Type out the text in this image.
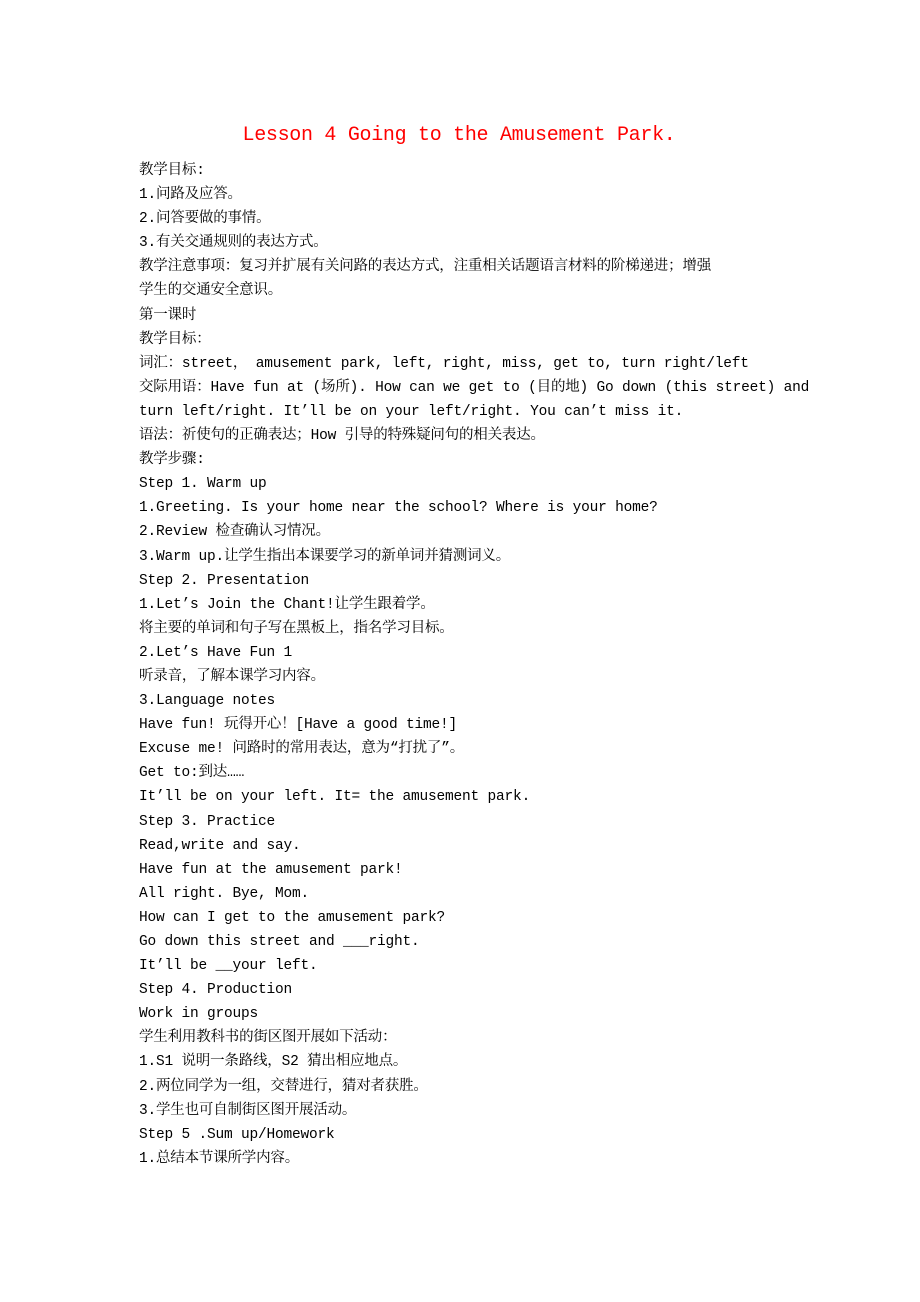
Lesson 4 Going to the Amusement Park.
教学目标:
1.问路及应答。
2.问答要做的事情。
3.有关交通规则的表达方式。
教学注意事项：复习并扩展有关问路的表达方式，注重相关话题语言材料的阶梯递进；增强
学生的交通安全意识。
第一课时
教学目标：
词汇：street， amusement park, left, right, miss, get to, turn right/left
交际用语：Have fun at (场所). How can we get to (目的地) Go down (this street) and
turn left/right. It’ll be on your left/right. You can’t miss it.
语法：祈使句的正确表达；How 引导的特殊疑问句的相关表达。
教学步骤:
Step 1. Warm up
1.Greeting. Is your home near the school? Where is your home?
2.Review 检查确认习情况。
3.Warm up.让学生指出本课要学习的新单词并猜测词义。
Step 2. Presentation
1.Let’s Join the Chant!让学生跟着学。
将主要的单词和句子写在黑板上，指名学习目标。
2.Let’s Have Fun 1
听录音，了解本课学习内容。
3.Language notes
Have fun! 玩得开心！[Have a good time!]
Excuse me! 问路时的常用表达，意为“打扰了”。
Get to:到达……
It’ll be on your left. It= the amusement park.
Step 3. Practice
Read,write and say.
Have fun at the amusement park!
All right. Bye, Mom.
How can I get to the amusement park?
Go down this street and ___right.
It’ll be __your left.
Step 4. Production
Work in groups
学生利用教科书的街区图开展如下活动：
1.S1 说明一条路线，S2 猜出相应地点。
2.两位同学为一组，交替进行，猜对者获胜。
3.学生也可自制街区图开展活动。
Step 5 .Sum up/Homework
1.总结本节课所学内容。
